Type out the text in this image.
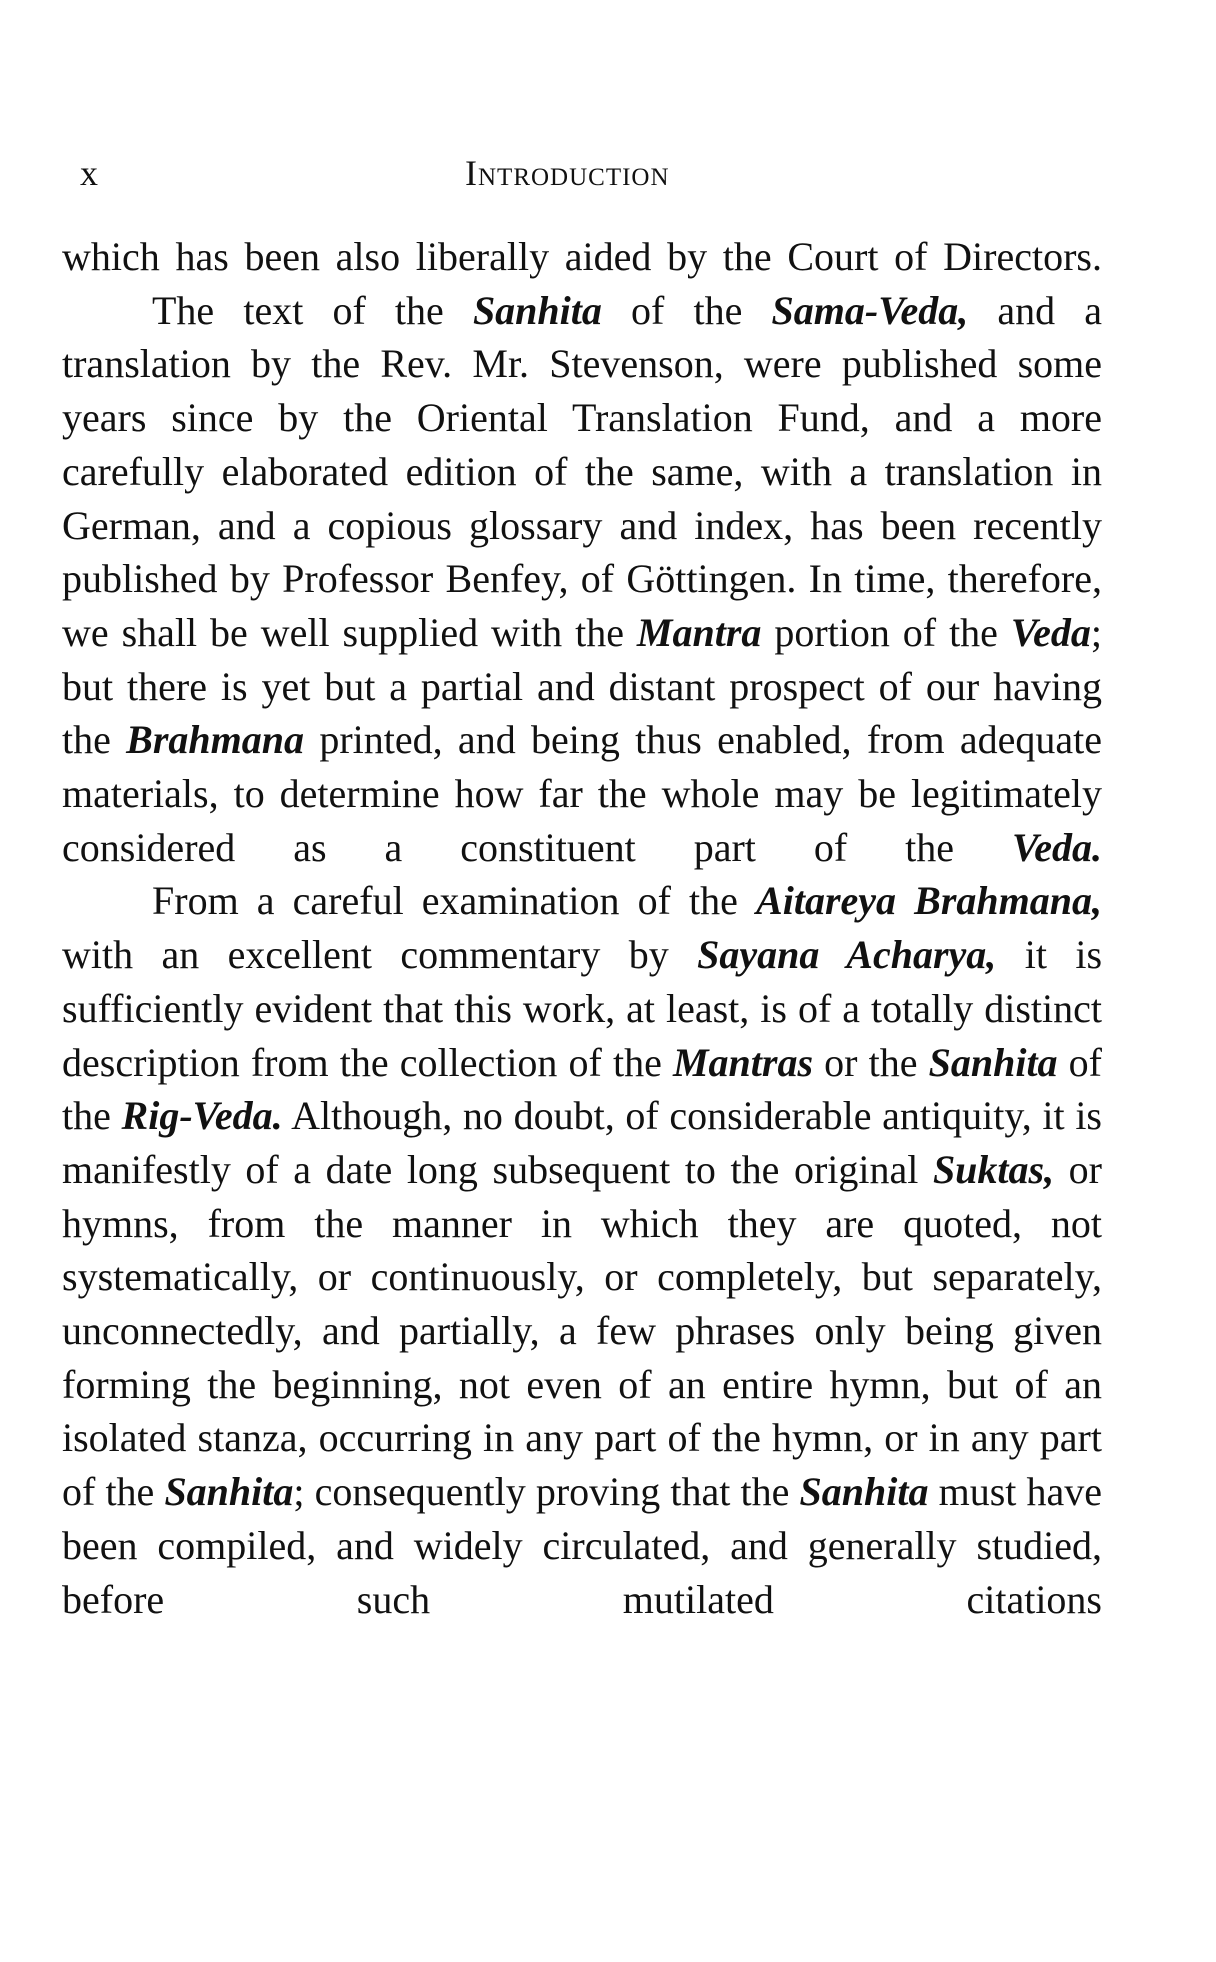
x	Introduction

which has been also liberally aided by the Court of Directors.

The text of the Sanhita of the Sama-Veda, and a translation by the Rev. Mr. Stevenson, were published some years since by the Oriental Translation Fund, and a more carefully elaborated edition of the same, with a translation in German, and a copious glossary and index, has been recently published by Professor Benfey, of Göttingen. In time, therefore, we shall be well supplied with the Mantra portion of the Veda; but there is yet but a partial and distant prospect of our having the Brahmana printed, and being thus enabled, from adequate materials, to determine how far the whole may be legitimately considered as a constituent part of the Veda.

From a careful examination of the Aitareya Brahmana, with an excellent commentary by Sayana Acharya, it is sufficiently evident that this work, at least, is of a totally distinct description from the collection of the Mantras or the Sanhita of the Rig-Veda. Although, no doubt, of considerable antiquity, it is manifestly of a date long subsequent to the original Suktas, or hymns, from the manner in which they are quoted, not systematically, or continuously, or completely, but separately, unconnectedly, and partially, a few phrases only being given forming the beginning, not even of an entire hymn, but of an isolated stanza, occurring in any part of the hymn, or in any part of the Sanhita; consequently proving that the Sanhita must have been compiled, and widely circulated, and generally studied, before such mutilated citations
